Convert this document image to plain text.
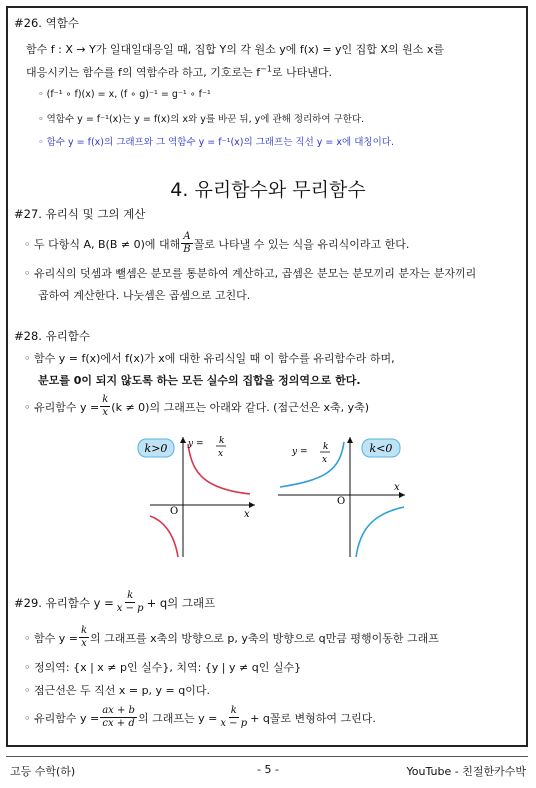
#26. 역함수
함수 f : X → Y가 일대일대응일 때, 집합 Y의 각 원소 y에 f(x) = y인 집합 X의 원소 x를
대응시키는 함수를 f의 역함수라 하고, 기호로는 $f^{-1}$로 나타낸다.
◦ (f⁻¹ ∘ f)(x) = x, (f ∘ g)⁻¹ = g⁻¹ ∘ f⁻¹
◦ 역함수 y = f⁻¹(x)는 y = f(x)의 x와 y를 바꾼 뒤, y에 관해 정리하여 구한다.
◦ 함수 y = f(x)의 그래프와 그 역함수 y = f⁻¹(x)의 그래프는 직선 y = x에 대칭이다.
4. 유리함수와 무리함수
#27. 유리식 및 그의 계산
◦ 두 다항식 A, B(B ≠ 0)에 대해 $\frac{A}{B}$ 꼴로 나타낼 수 있는 식을 유리식이라고 한다.
◦ 유리식의 덧셈과 뺄셈은 분모를 통분하여 계산하고, 곱셈은 분모는 분모끼리 분자는 분자끼리
곱하여 계산한다. 나눗셈은 곱셈으로 고친다.
#28. 유리함수
◦ 함수 y = f(x)에서 f(x)가 x에 대한 유리식일 때 이 함수를 유리함수라 하며,
분모를 0이 되지 않도록 하는 모든 실수의 집합을 정의역으로 한다.
◦ 유리함수 $y = \frac{k}{x} (k \ne 0)$의 그래프는 아래와 같다. (점근선은 x축, y축)
k>0
O	x
y = k
x	k<0
O
x
y = k
x
#29. 유리함수 $y = \frac{k}{x - p} + q$의 그래프
◦ 함수 $y = \frac{k}{x}$ 의 그래프를 x축의 방향으로 p, y축의 방향으로 q만큼 평행이동한 그래프
◦ 정의역: {x | x ≠ p인 실수}, 치역: {y | y ≠ q인 실수}
◦ 점근선은 두 직선 x = p, y = q이다.
◦ 유리함수 $y = \frac{ax + b}{cx + d}$ 의 그래프는 $y = \frac{k}{x - p} + q$꼴로 변형하여 그린다.
고등 수학(하)	- 5 -	YouTube - 친절한카수박
